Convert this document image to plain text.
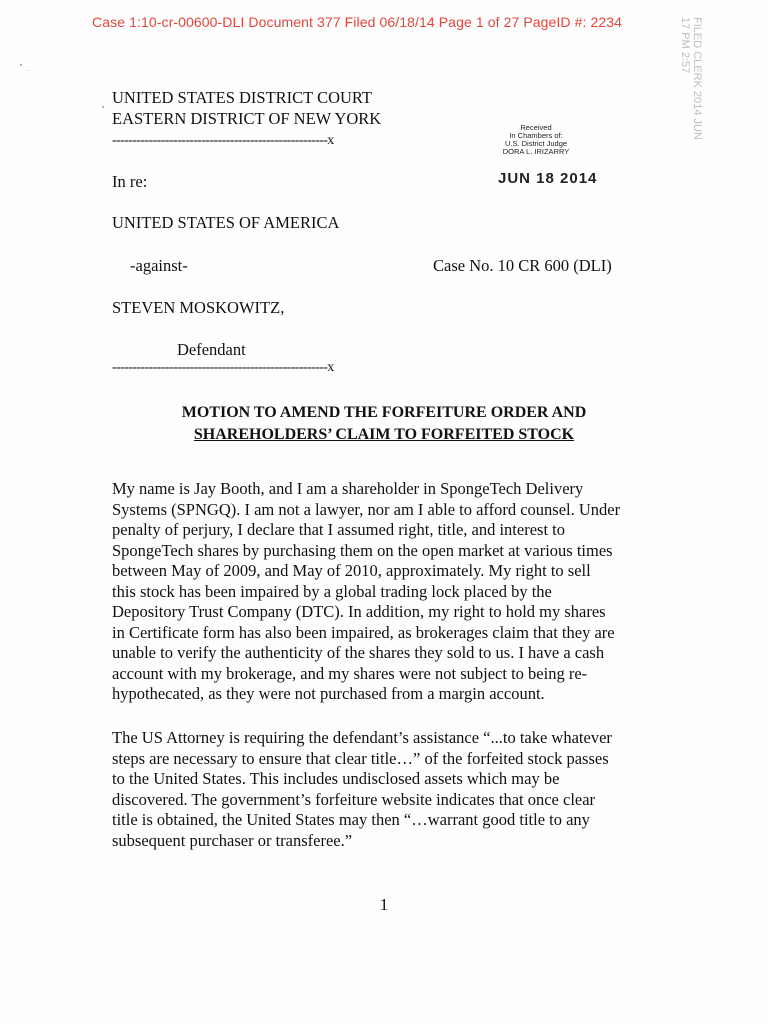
Case 1:10-cr-00600-DLI Document 377 Filed 06/18/14 Page 1 of 27 PageID #: 2234	FILED CLERK 2014 JUN 17 PM 2:57
UNITED STATES DISTRICT COURT
EASTERN DISTRICT OF NEW YORK
-----------------------------------------------------x
Received
In Chambers of:
U.S. District Judge
DORA L. IRIZARRY
JUN 18 2014
In re:
UNITED STATES OF AMERICA
-against-	Case No. 10 CR 600 (DLI)
STEVEN MOSKOWITZ,
Defendant
-----------------------------------------------------x
MOTION TO AMEND THE FORFEITURE ORDER AND
SHAREHOLDERS’ CLAIM TO FORFEITED STOCK
My name is Jay Booth, and I am a shareholder in SpongeTech Delivery
Systems (SPNGQ). I am not a lawyer, nor am I able to afford counsel. Under
penalty of perjury, I declare that I assumed right, title, and interest to
SpongeTech shares by purchasing them on the open market at various times
between May of 2009, and May of 2010, approximately. My right to sell
this stock has been impaired by a global trading lock placed by the
Depository Trust Company (DTC). In addition, my right to hold my shares
in Certificate form has also been impaired, as brokerages claim that they are
unable to verify the authenticity of the shares they sold to us. I have a cash
account with my brokerage, and my shares were not subject to being re-
hypothecated, as they were not purchased from a margin account.
The US Attorney is requiring the defendant’s assistance “...to take whatever
steps are necessary to ensure that clear title…” of the forfeited stock passes
to the United States. This includes undisclosed assets which may be
discovered. The government’s forfeiture website indicates that once clear
title is obtained, the United States may then “…warrant good title to any
subsequent purchaser or transferee.”
1
